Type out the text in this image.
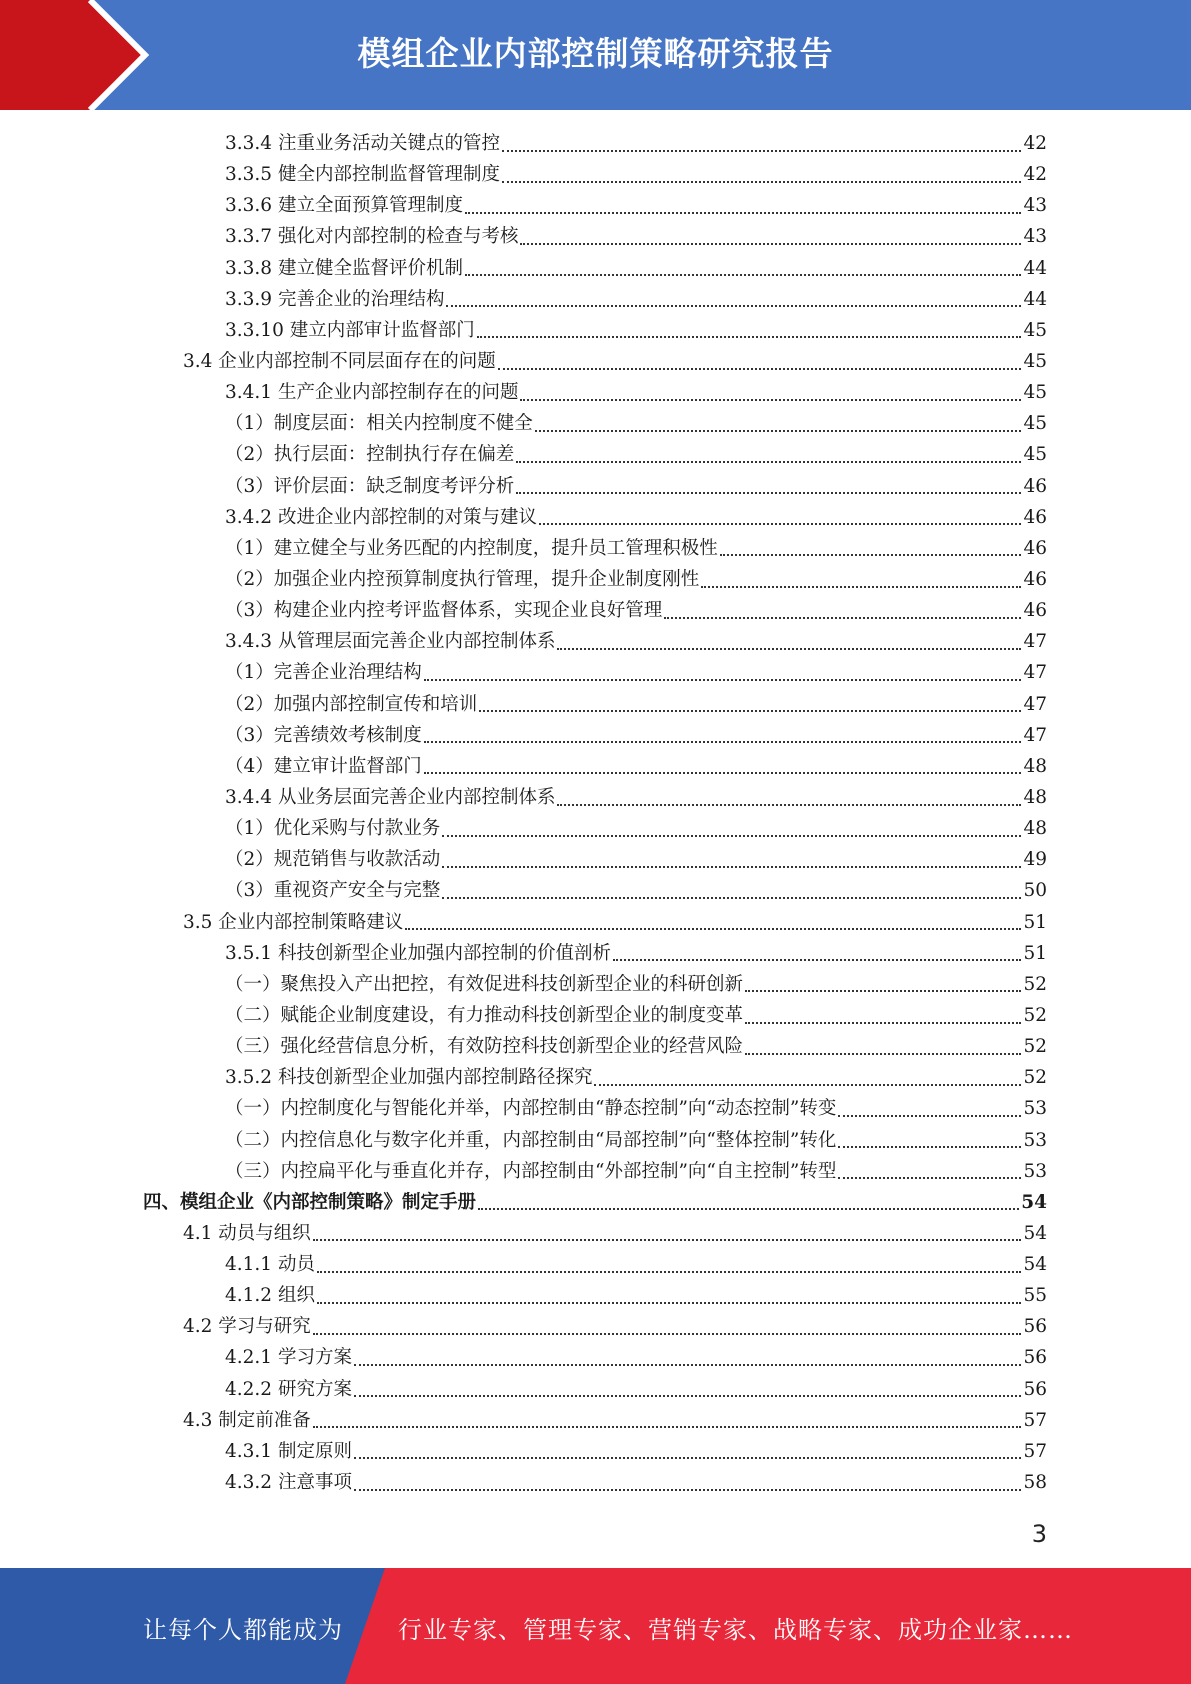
模组企业内部控制策略研究报告
3.3.4 注重业务活动关键点的管控	42
3.3.5 健全内部控制监督管理制度	42
3.3.6 建立全面预算管理制度	43
3.3.7 强化对内部控制的检查与考核	43
3.3.8 建立健全监督评价机制	44
3.3.9 完善企业的治理结构	44
3.3.10 建立内部审计监督部门	45
3.4 企业内部控制不同层面存在的问题	45
3.4.1 生产企业内部控制存在的问题	45
（1）制度层面：相关内控制度不健全	45
（2）执行层面：控制执行存在偏差	45
（3）评价层面：缺乏制度考评分析	46
3.4.2 改进企业内部控制的对策与建议	46
（1）建立健全与业务匹配的内控制度，提升员工管理积极性	46
（2）加强企业内控预算制度执行管理，提升企业制度刚性	46
（3）构建企业内控考评监督体系，实现企业良好管理	46
3.4.3 从管理层面完善企业内部控制体系	47
（1）完善企业治理结构	47
（2）加强内部控制宣传和培训	47
（3）完善绩效考核制度	47
（4）建立审计监督部门	48
3.4.4 从业务层面完善企业内部控制体系	48
（1）优化采购与付款业务	48
（2）规范销售与收款活动	49
（3）重视资产安全与完整	50
3.5 企业内部控制策略建议	51
3.5.1 科技创新型企业加强内部控制的价值剖析	51
（一）聚焦投入产出把控，有效促进科技创新型企业的科研创新	52
（二）赋能企业制度建设，有力推动科技创新型企业的制度变革	52
（三）强化经营信息分析，有效防控科技创新型企业的经营风险	52
3.5.2 科技创新型企业加强内部控制路径探究	52
（一）内控制度化与智能化并举，内部控制由“静态控制”向“动态控制”转变	53
（二）内控信息化与数字化并重，内部控制由“局部控制”向“整体控制”转化	53
（三）内控扁平化与垂直化并存，内部控制由“外部控制”向“自主控制”转型	53
四、模组企业《内部控制策略》制定手册	54
4.1 动员与组织	54
4.1.1 动员	54
4.1.2 组织	55
4.2 学习与研究	56
4.2.1 学习方案	56
4.2.2 研究方案	56
4.3 制定前准备	57
4.3.1 制定原则	57
4.3.2 注意事项	58
3
让每个人都能成为 行业专家、管理专家、营销专家、战略专家、成功企业家……
